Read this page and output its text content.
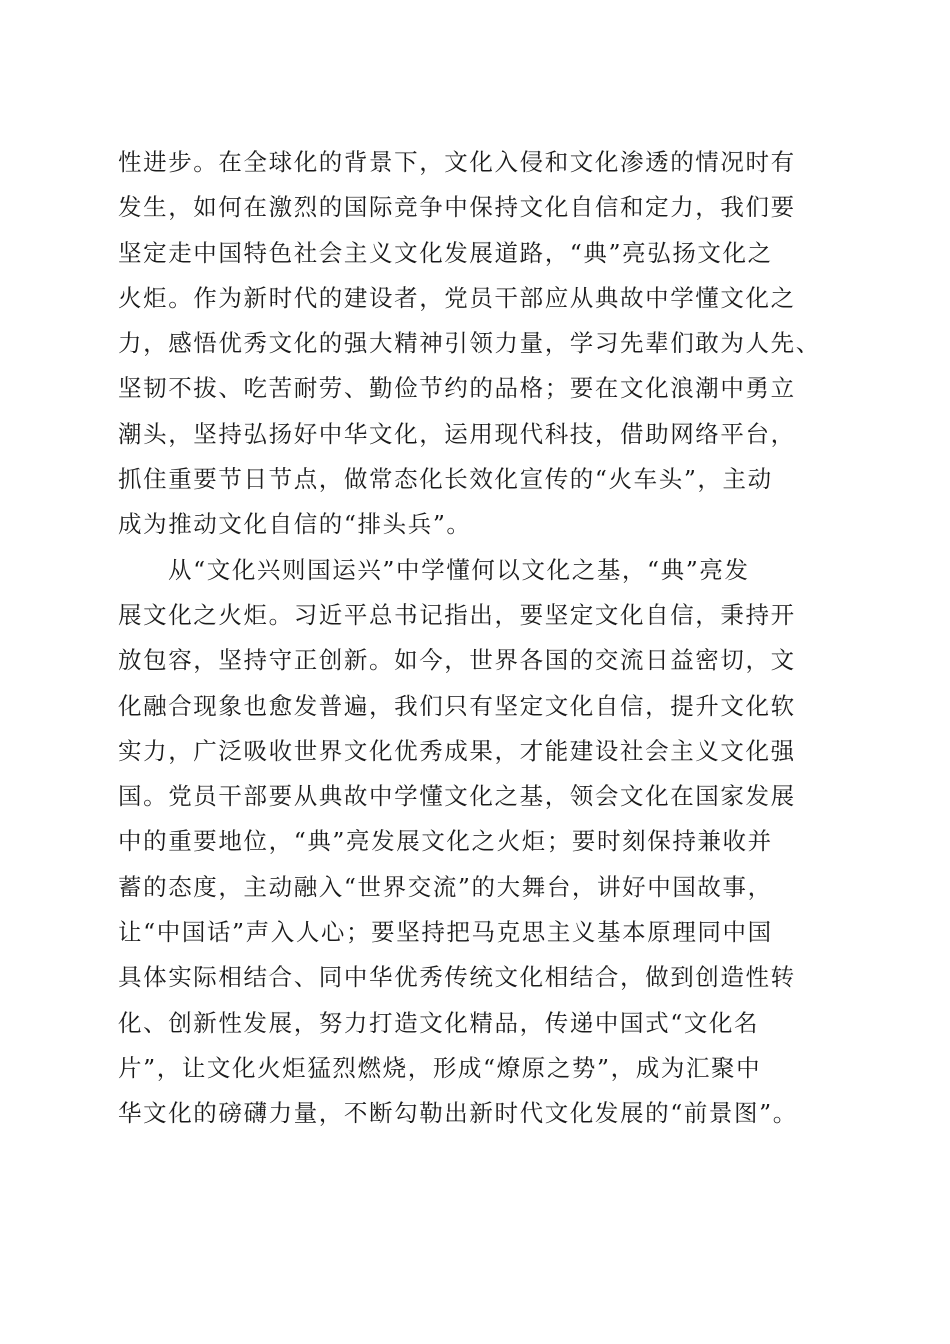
性进步。在全球化的背景下，文化入侵和文化渗透的情况时有
发生，如何在激烈的国际竞争中保持文化自信和定力，我们要
坚定走中国特色社会主义文化发展道路，“典”亮弘扬文化之
火炬。作为新时代的建设者，党员干部应从典故中学懂文化之
力，感悟优秀文化的强大精神引领力量，学习先辈们敢为人先、
坚韧不拔、吃苦耐劳、勤俭节约的品格；要在文化浪潮中勇立
潮头，坚持弘扬好中华文化，运用现代科技，借助网络平台，
抓住重要节日节点，做常态化长效化宣传的“火车头”，主动
成为推动文化自信的“排头兵”。
从“文化兴则国运兴”中学懂何以文化之基，“典”亮发
展文化之火炬。习近平总书记指出，要坚定文化自信，秉持开
放包容，坚持守正创新。如今，世界各国的交流日益密切，文
化融合现象也愈发普遍，我们只有坚定文化自信，提升文化软
实力，广泛吸收世界文化优秀成果，才能建设社会主义文化强
国。党员干部要从典故中学懂文化之基，领会文化在国家发展
中的重要地位，“典”亮发展文化之火炬；要时刻保持兼收并
蓄的态度，主动融入“世界交流”的大舞台，讲好中国故事，
让“中国话”声入人心；要坚持把马克思主义基本原理同中国
具体实际相结合、同中华优秀传统文化相结合，做到创造性转
化、创新性发展，努力打造文化精品，传递中国式“文化名
片”，让文化火炬猛烈燃烧，形成“燎原之势”，成为汇聚中
华文化的磅礴力量，不断勾勒出新时代文化发展的“前景图”。
